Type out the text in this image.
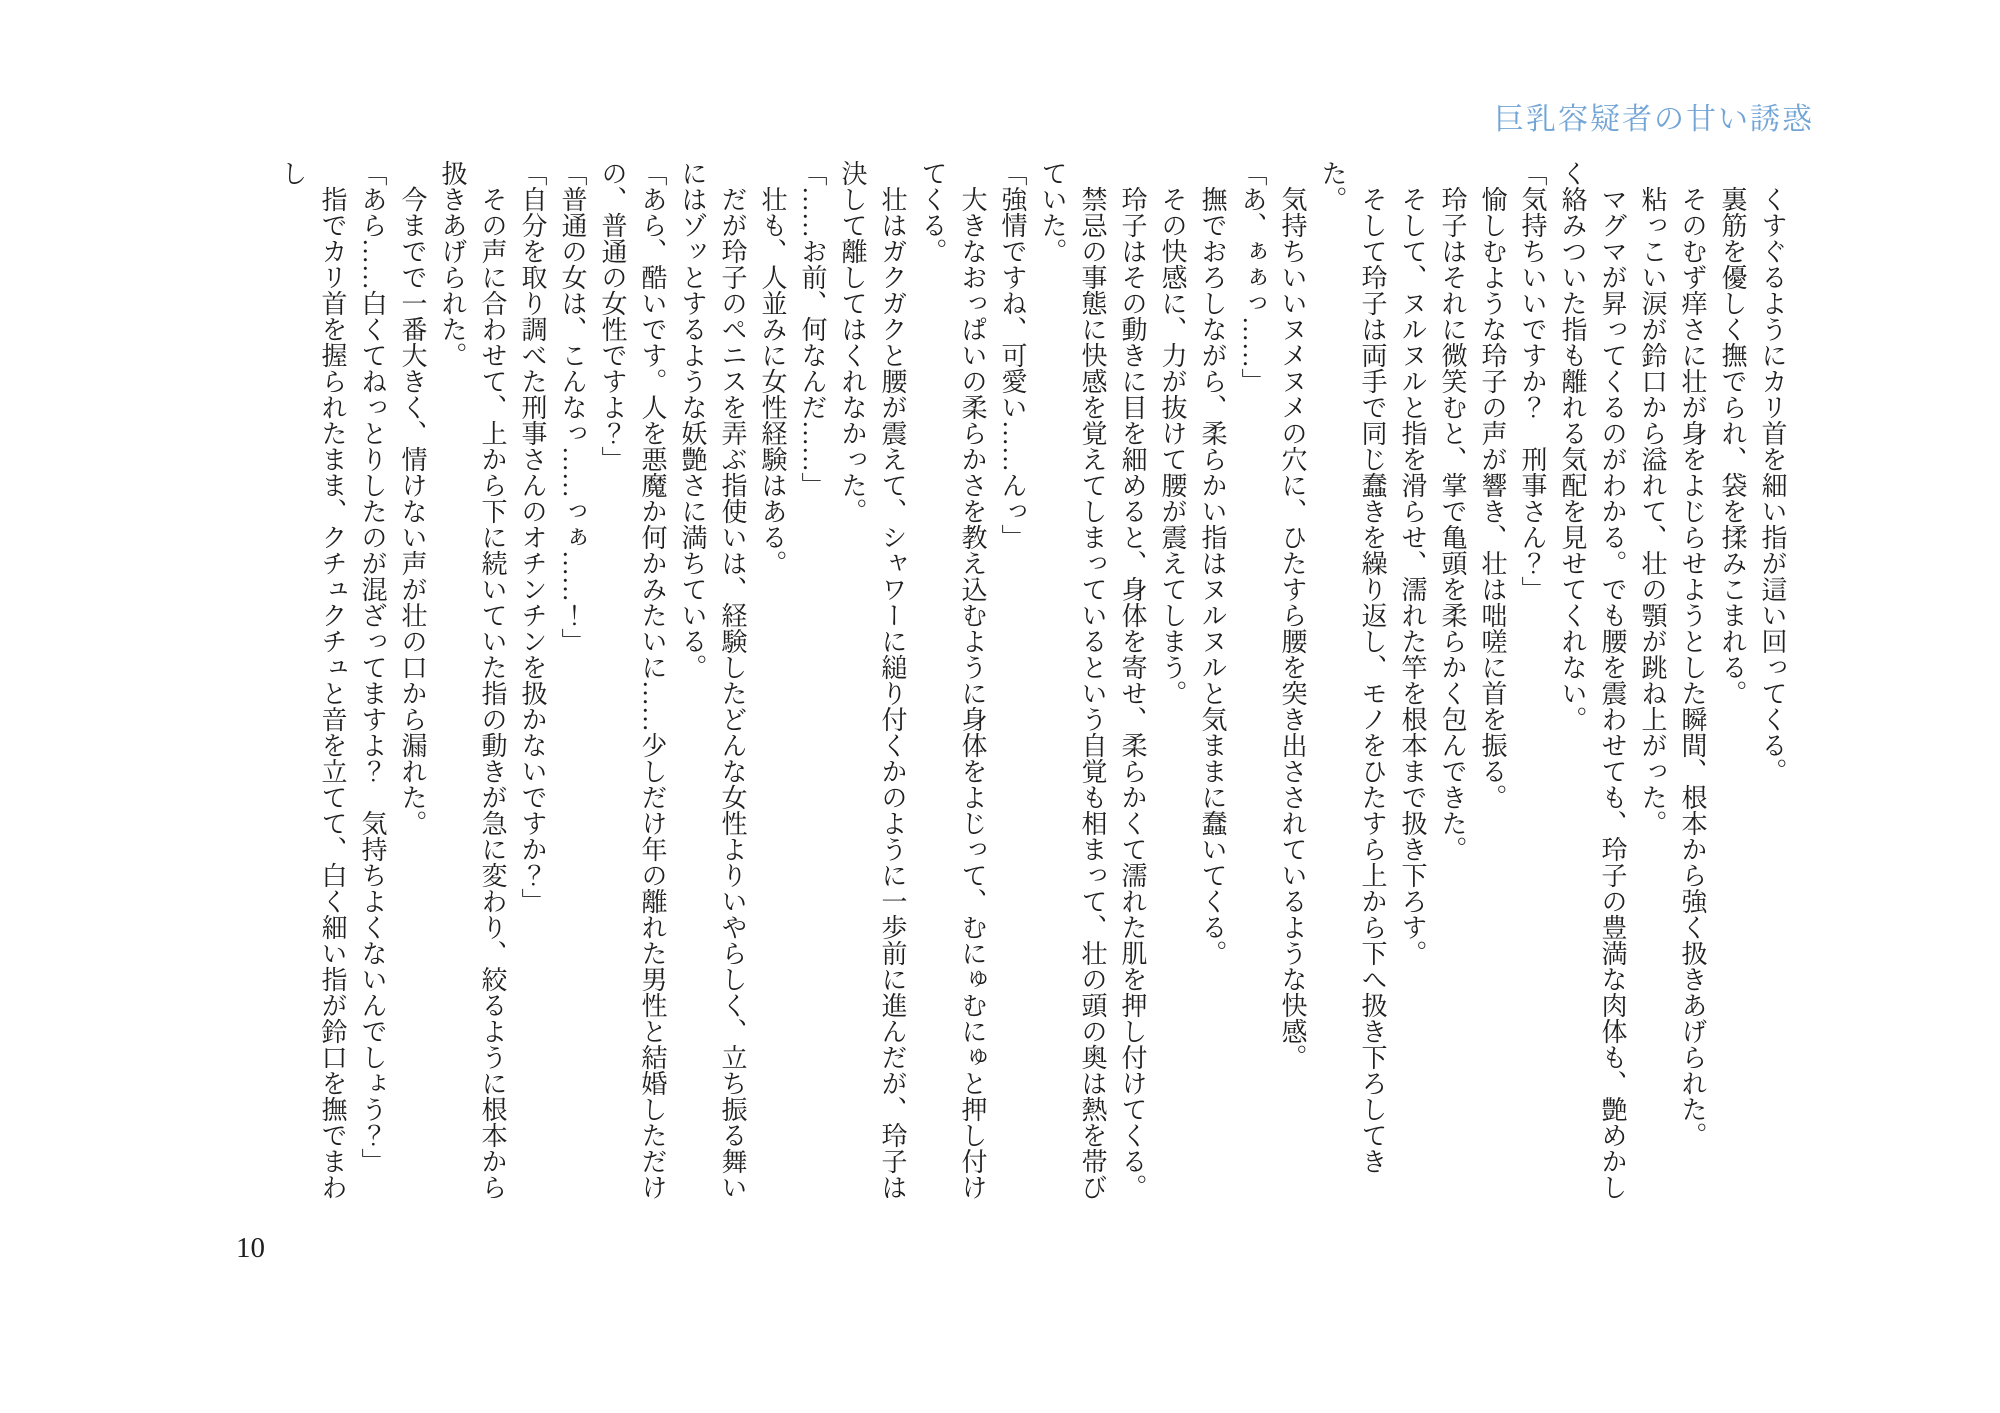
巨乳容疑者の甘い誘惑

くすぐるようにカリ首を細い指が這い回ってくる。

裏筋を優しく撫でられ、袋を揉みこまれる。

そのむず痒さに壮が身をよじらせようとした瞬間、根本から強く扱きあげられた。

粘っこい涙が鈴口から溢れて、壮の顎が跳ね上がった。

マグマが昇ってくるのがわかる。でも腰を震わせても、玲子の豊満な肉体も、艶めかしく絡みついた指も離れる気配を見せてくれない。

「気持ちいいですか？　刑事さん？」

愉しむような玲子の声が響き、壮は咄嗟に首を振る。

玲子はそれに微笑むと、掌で亀頭を柔らかく包んできた。

そして、ヌルヌルと指を滑らせ、濡れた竿を根本まで扱き下ろす。

そして玲子は両手で同じ蠢きを繰り返し、モノをひたすら上から下へ扱き下ろしてきた。

気持ちいいヌメヌメの穴に、ひたすら腰を突き出さされているような快感。

「あ、ぁぁっ……」

撫でおろしながら、柔らかい指はヌルヌルと気ままに蠢いてくる。

その快感に、力が抜けて腰が震えてしまう。

玲子はその動きに目を細めると、身体を寄せ、柔らかくて濡れた肌を押し付けてくる。

禁忌の事態に快感を覚えてしまっているという自覚も相まって、壮の頭の奥は熱を帯びていた。

「強情ですね、可愛い……んっ」

大きなおっぱいの柔らかさを教え込むように身体をよじって、むにゅむにゅと押し付けてくる。

壮はガクガクと腰が震えて、シャワーに縋り付くかのように一歩前に進んだが、玲子は決して離してはくれなかった。

「……お前、何なんだ……」

壮も、人並みに女性経験はある。

だが玲子のペニスを弄ぶ指使いは、経験したどんな女性よりいやらしく、立ち振る舞いにはゾッとするような妖艶さに満ちている。

「あら、酷いです。人を悪魔か何かみたいに……少しだけ年の離れた男性と結婚しただけの、普通の女性ですよ？」

「普通の女は、こんなっ……っぁ……！」

「自分を取り調べた刑事さんのオチンチンを扱かないですか？」

その声に合わせて、上から下に続いていた指の動きが急に変わり、絞るように根本から扱きあげられた。

今までで一番大きく、情けない声が壮の口から漏れた。

「あら……白くてねっとりしたのが混ざってますよ？　気持ちよくないんでしょう？」

指でカリ首を握られたまま、クチュクチュと音を立てて、白く細い指が鈴口を撫でまわし

10
